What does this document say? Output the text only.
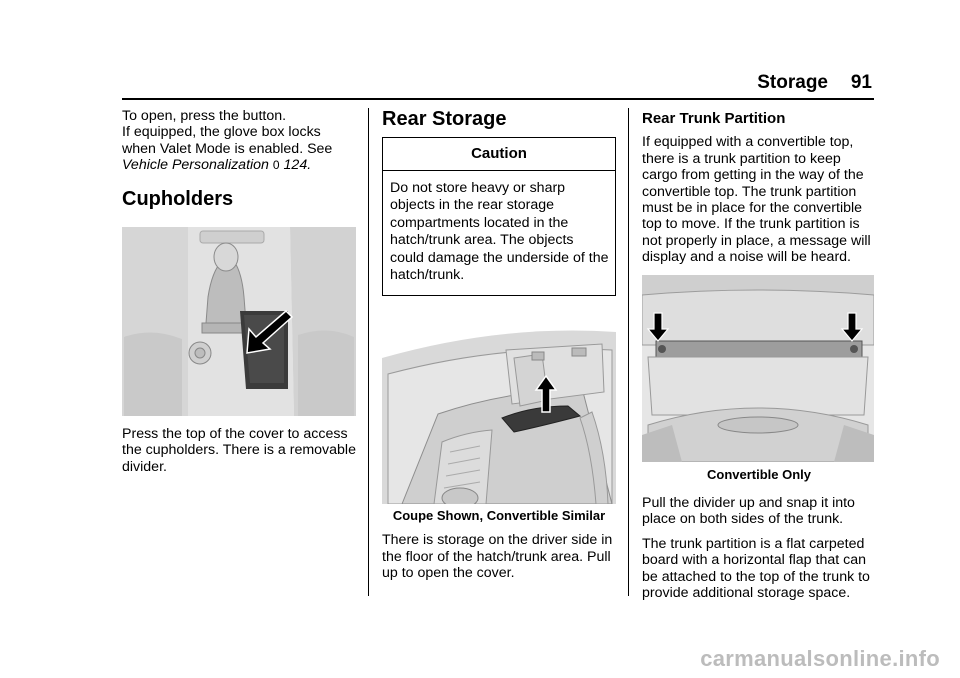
Storage 91

To open, press the button.

If equipped, the glove box locks

when Valet Mode is enabled. See

Vehicle Personalization 0 124.

Cupholders

Press the top of the cover to access the cupholders. There is a removable divider.

Rear Storage
Caution
Do not store heavy or sharp objects in the rear storage compartments located in the hatch/trunk area. The objects could damage the underside of the hatch/trunk.
Coupe Shown, Convertible Similar

There is storage on the driver side in the floor of the hatch/trunk area. Pull up to open the cover.

Rear Trunk Partition

If equipped with a convertible top, there is a trunk partition to keep cargo from getting in the way of the convertible top. The trunk partition must be in place for the convertible top to move. If the trunk partition is not properly in place, a message will display and a noise will be heard.

Convertible Only

Pull the divider up and snap it into place on both sides of the trunk.

The trunk partition is a flat carpeted board with a horizontal flap that can be attached to the top of the trunk to provide additional storage space.

carmanualsonline.info
